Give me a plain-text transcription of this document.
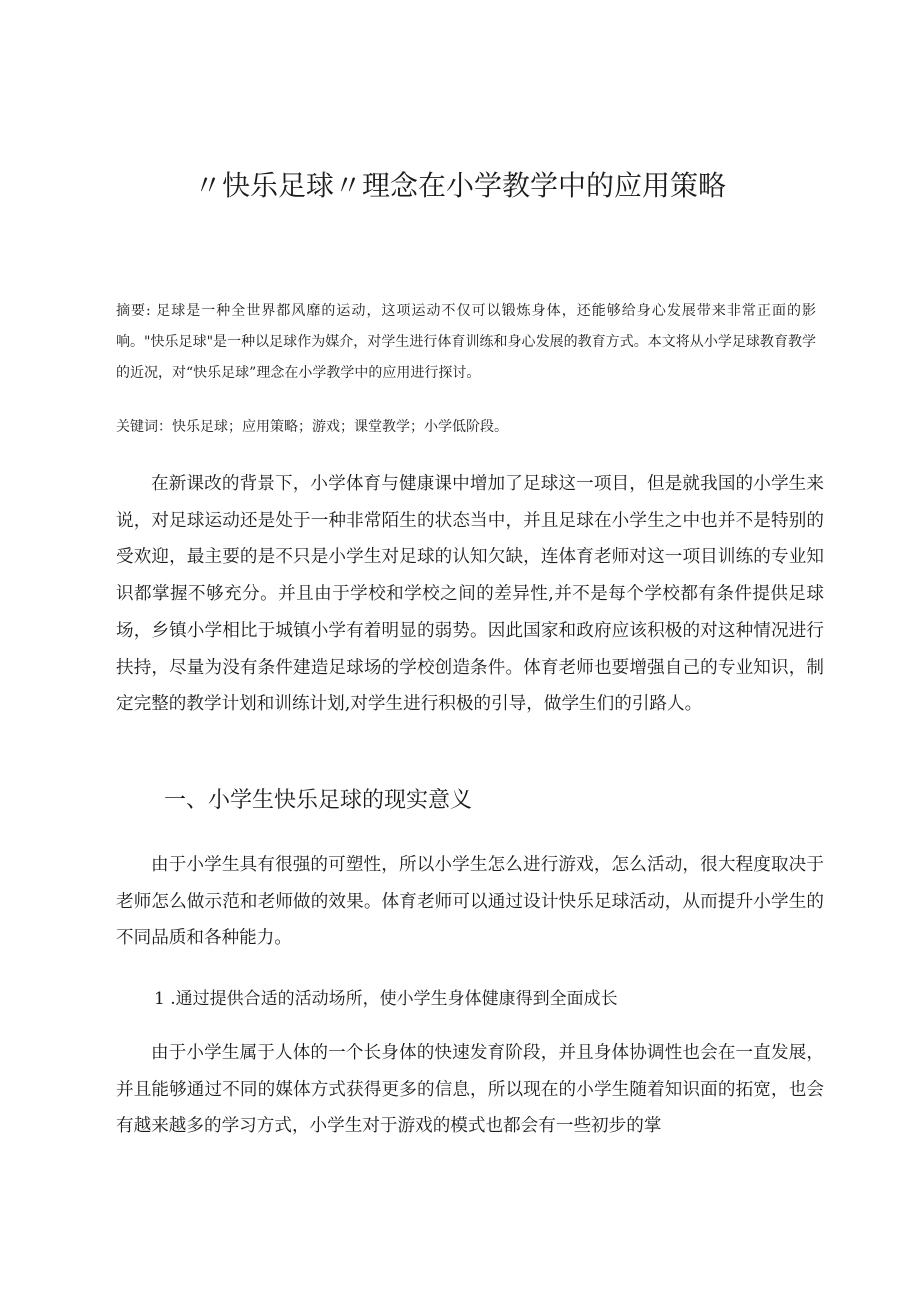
〃快乐足球〃理念在小学教学中的应用策略

摘要: 足球是一种全世界都风靡的运动，这项运动不仅可以锻炼身体，还能够给身心发展带来非常正面的影响。"快乐足球"是一种以足球作为媒介，对学生进行体育训练和身心发展的教育方式。本文将从小学足球教育教学的近况，对“快乐足球”理念在小学教学中的应用进行探讨。

关键词：快乐足球；应用策略；游戏；课堂教学；小学低阶段。

在新课改的背景下，小学体育与健康课中增加了足球这一项目，但是就我国的小学生来说，对足球运动还是处于一种非常陌生的状态当中，并且足球在小学生之中也并不是特别的受欢迎，最主要的是不只是小学生对足球的认知欠缺，连体育老师对这一项目训练的专业知识都掌握不够充分。并且由于学校和学校之间的差异性,并不是每个学校都有条件提供足球场，乡镇小学相比于城镇小学有着明显的弱势。因此国家和政府应该积极的对这种情况进行扶持，尽量为没有条件建造足球场的学校创造条件。体育老师也要增强自己的专业知识，制定完整的教学计划和训练计划,对学生进行积极的引导，做学生们的引路人。

一、小学生快乐足球的现实意义

由于小学生具有很强的可塑性，所以小学生怎么进行游戏，怎么活动，很大程度取决于老师怎么做示范和老师做的效果。体育老师可以通过设计快乐足球活动，从而提升小学生的不同品质和各种能力。

1 .通过提供合适的活动场所，使小学生身体健康得到全面成长

由于小学生属于人体的一个长身体的快速发育阶段，并且身体协调性也会在一直发展，并且能够通过不同的媒体方式获得更多的信息，所以现在的小学生随着知识面的拓宽，也会有越来越多的学习方式，小学生对于游戏的模式也都会有一些初步的掌
